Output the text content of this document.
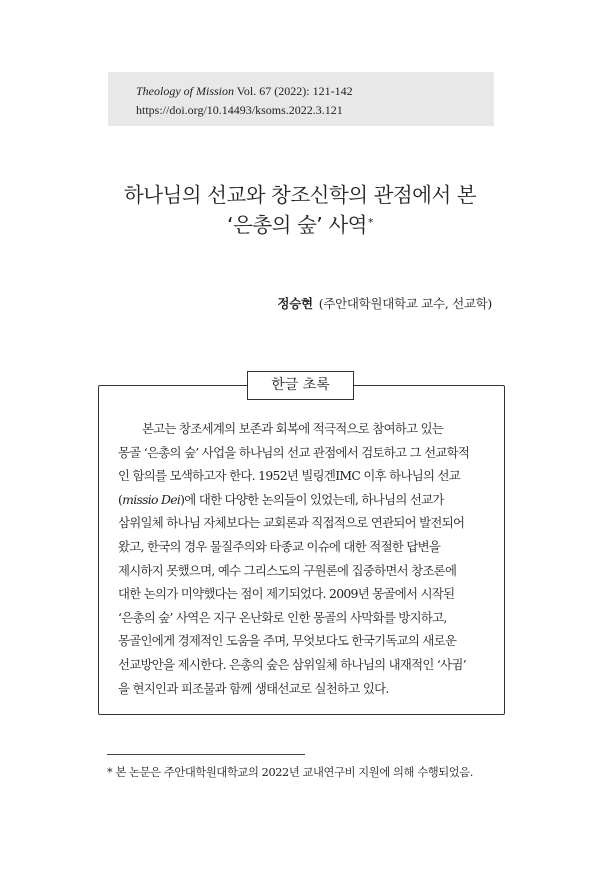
Theology of Mission Vol. 67 (2022): 121-142
https://doi.org/10.14493/ksoms.2022.3.121
하나님의 선교와 창조신학의 관점에서 본
‘은총의 숲’ 사역*
정승현 (주안대학원대학교 교수, 선교학)
한글 초록
본고는 창조세계의 보존과 회복에 적극적으로 참여하고 있는
몽골 ‘은총의 숲’ 사업을 하나님의 선교 관점에서 검토하고 그 선교학적
인 함의를 모색하고자 한다. 1952년 빌링겐IMC 이후 하나님의 선교
(missio Dei)에 대한 다양한 논의들이 있었는데, 하나님의 선교가
삼위일체 하나님 자체보다는 교회론과 직접적으로 연관되어 발전되어
왔고, 한국의 경우 물질주의와 타종교 이슈에 대한 적절한 답변을
제시하지 못했으며, 예수 그리스도의 구원론에 집중하면서 창조론에
대한 논의가 미약했다는 점이 제기되었다. 2009년 몽골에서 시작된
‘은총의 숲’ 사역은 지구 온난화로 인한 몽골의 사막화를 방지하고,
몽골인에게 경제적인 도움을 주며, 무엇보다도 한국기독교의 새로운
선교방안을 제시한다. 은총의 숲은 삼위일체 하나님의 내재적인 ‘사귐’
을 현지인과 피조물과 함께 생태선교로 실천하고 있다.
* 본 논문은 주안대학원대학교의 2022년 교내연구비 지원에 의해 수행되었음.
